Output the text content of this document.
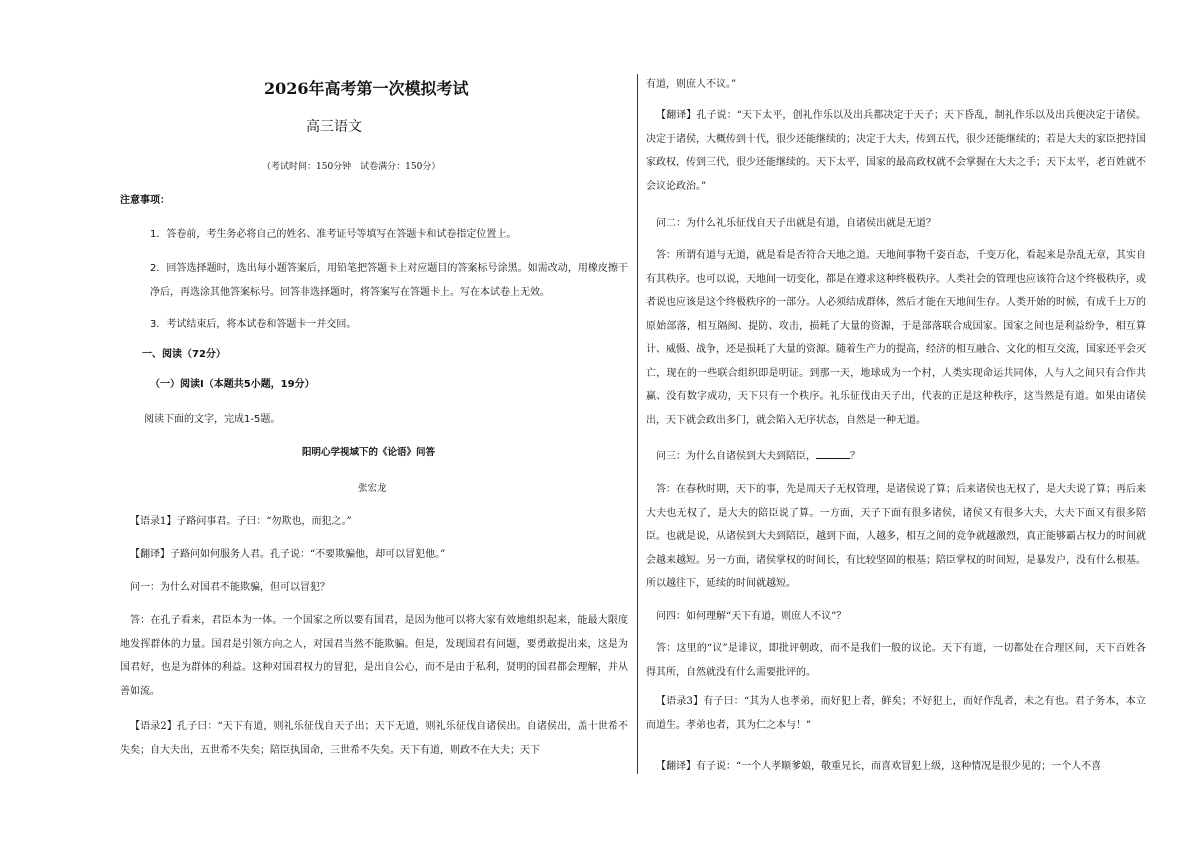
2026年高考第一次模拟考试
高三语文
（考试时间：150分钟　试卷满分：150分）
注意事项：
1．答卷前，考生务必将自己的姓名、准考证号等填写在答题卡和试卷指定位置上。
2．回答选择题时，选出每小题答案后，用铅笔把答题卡上对应题目的答案标号涂黑。如需改动，用橡皮擦干净后，再选涂其他答案标号。回答非选择题时，将答案写在答题卡上。写在本试卷上无效。
3．考试结束后，将本试卷和答题卡一并交回。
一、阅读（72分）
（一）阅读Ⅰ（本题共5小题，19分）
阅读下面的文字，完成1-5题。
阳明心学视域下的《论语》问答
张宏龙
【语录1】子路问事君。子曰：“勿欺也，而犯之。”
【翻译】子路问如何服务人君。孔子说：“不要欺骗他，却可以冒犯他。”
问一：为什么对国君不能欺骗，但可以冒犯？
答：在孔子看来，君臣本为一体。一个国家之所以要有国君，是因为他可以将大家有效地组织起来，能最大限度地发挥群体的力量。国君是引领方向之人，对国君当然不能欺骗。但是，发现国君有问题，要勇敢提出来，这是为国君好，也是为群体的利益。这种对国君权力的冒犯，是出自公心，而不是由于私利，贤明的国君都会理解，并从善如流。
【语录2】孔子曰：“天下有道，则礼乐征伐自天子出；天下无道，则礼乐征伐自诸侯出。自诸侯出，盖十世希不失矣；自大夫出，五世希不失矣；陪臣执国命，三世希不失矣。天下有道，则政不在大夫；天下
有道，则庶人不议。”
【翻译】孔子说：“天下太平，创礼作乐以及出兵都决定于天子；天下昏乱，制礼作乐以及出兵便决定于诸侯。决定于诸侯，大概传到十代，很少还能继续的；决定于大夫，传到五代，很少还能继续的；若是大夫的家臣把持国家政权，传到三代，很少还能继续的。天下太平，国家的最高政权就不会掌握在大夫之手；天下太平，老百姓就不会议论政治。”
问二：为什么礼乐征伐自天子出就是有道，自诸侯出就是无道？
答：所谓有道与无道，就是看是否符合天地之道。天地间事物千姿百态，千变万化，看起来是杂乱无章，其实自有其秩序。也可以说，天地间一切变化，都是在遵求这种终极秩序。人类社会的管理也应该符合这个终极秩序，或者说也应该是这个终极秩序的一部分。人必须结成群体，然后才能在天地间生存。人类开始的时候，有成千上万的原始部落，相互隔阂、提防、攻击，损耗了大量的资源，于是部落联合成国家。国家之间也是利益纷争，相互算计、威慑、战争，还是损耗了大量的资源。随着生产力的提高，经济的相互融合、文化的相互交流，国家还平会灭亡，现在的一些联合组织即是明证。到那一天，地球成为一个村，人类实现命运共同体，人与人之间只有合作共赢、没有数字成功，天下只有一个秩序。礼乐征伐由天子出，代表的正是这种秩序，这当然是有道。如果由诸侯出，天下就会政出多门，就会陷入无序状态，自然是一种无道。
问三：为什么自诸侯到大夫到陪臣，	？
答：在春秋时期，天下的事，先是周天子无权管理，是诸侯说了算；后来诸侯也无权了，是大夫说了算；再后来大夫也无权了，是大夫的陪臣说了算。一方面，天子下面有很多诸侯，诸侯又有很多大夫，大夫下面又有很多陪臣。也就是说，从诸侯到大夫到陪臣，越到下面，人越多，相互之间的竞争就越激烈，真正能够霸占权力的时间就会越来越短。另一方面，诸侯掌权的时间长，有比较坚固的根基；陪臣掌权的时间短，是暴发户，没有什么根基。所以越往下，延续的时间就越短。
问四：如何理解“天下有道，则庶人不议”？
答：这里的“议”是诽议，即批评朝政，而不是我们一般的议论。天下有道，一切都处在合理区间，天下百姓各得其所，自然就没有什么需要批评的。
【语录3】有子曰：“其为人也孝弟，而好犯上者，鲜矣；不好犯上，而好作乱者，未之有也。君子务本，本立而道生。孝弟也者，其为仁之本与！”
【翻译】有子说：“一个人孝顺爹娘，敬重兄长，而喜欢冒犯上级，这种情况是很少见的；一个人不喜
